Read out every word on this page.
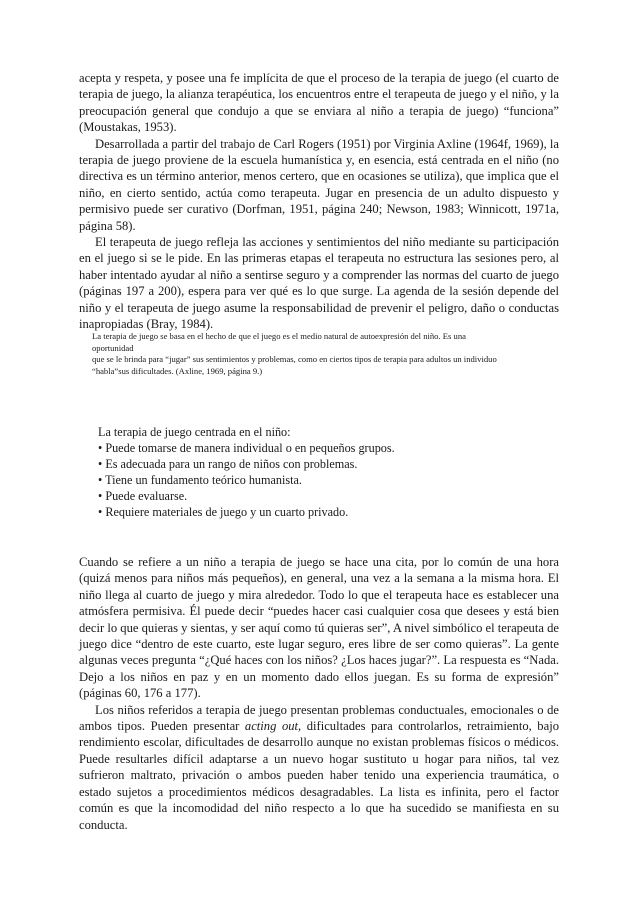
acepta y respeta, y posee una fe implícita de que el proceso de la terapia de juego (el cuarto de terapia de juego, la alianza terapéutica, los encuentros entre el terapeuta de juego y el niño, y la preocupación general que condujo a que se enviara al niño a terapia de juego) “funciona” (Moustakas, 1953).

Desarrollada a partir del trabajo de Carl Rogers (1951) por Virginia Axline (1964f, 1969), la terapia de juego proviene de la escuela humanística y, en esencia, está centrada en el niño (no directiva es un término anterior, menos certero, que en ocasiones se utiliza), que implica que el niño, en cierto sentido, actúa como terapeuta. Jugar en presencia de un adulto dispuesto y permisivo puede ser curativo (Dorfman, 1951, página 240; Newson, 1983; Winnicott, 1971a, página 58).

El terapeuta de juego refleja las acciones y sentimientos del niño mediante su participación en el juego si se le pide. En las primeras etapas el terapeuta no estructura las sesiones pero, al haber intentado ayudar al niño a sentirse seguro y a comprender las normas del cuarto de juego (páginas 197 a 200), espera para ver qué es lo que surge. La agenda de la sesión depende del niño y el terapeuta de juego asume la responsabilidad de prevenir el peligro, daño o conductas inapropiadas (Bray, 1984).

La terapia de juego se basa en el hecho de que el juego es el medio natural de autoexpresión del niño. Es una

oportunidad

que se le brinda para “jugar” sus sentimientos y problemas, como en ciertos tipos de terapia para adultos un individuo

“habla”sus dificultades. (Axline, 1969, página 9.)

La terapia de juego centrada en el niño:
• Puede tomarse de manera individual o en pequeños grupos.
• Es adecuada para un rango de niños con problemas.
• Tiene un fundamento teórico humanista.
• Puede evaluarse.
• Requiere materiales de juego y un cuarto privado.

Cuando se refiere a un niño a terapia de juego se hace una cita, por lo común de una hora (quizá menos para niños más pequeños), en general, una vez a la semana a la misma hora. El niño llega al cuarto de juego y mira alrededor. Todo lo que el terapeuta hace es establecer una atmósfera permisiva. Él puede decir “puedes hacer casi cualquier cosa que desees y está bien decir lo que quieras y sientas, y ser aquí como tú quieras ser”, A nivel simbólico el terapeuta de juego dice “dentro de este cuarto, este lugar seguro, eres libre de ser como quieras”. La gente algunas veces pregunta “¿Qué haces con los niños? ¿Los haces jugar?”. La respuesta es “Nada. Dejo a los niños en paz y en un momento dado ellos juegan. Es su forma de expresión” (páginas 60, 176 a 177).

Los niños referidos a terapia de juego presentan problemas conductuales, emocionales o de ambos tipos. Pueden presentar acting out, dificultades para controlarlos, retraimiento, bajo rendimiento escolar, dificultades de desarrollo aunque no existan problemas físicos o médicos. Puede resultarles difícil adaptarse a un nuevo hogar sustituto u hogar para niños, tal vez sufrieron maltrato, privación o ambos pueden haber tenido una experiencia traumática, o estado sujetos a procedimientos médicos desagradables. La lista es infinita, pero el factor común es que la incomodidad del niño respecto a lo que ha sucedido se manifiesta en su conducta.
